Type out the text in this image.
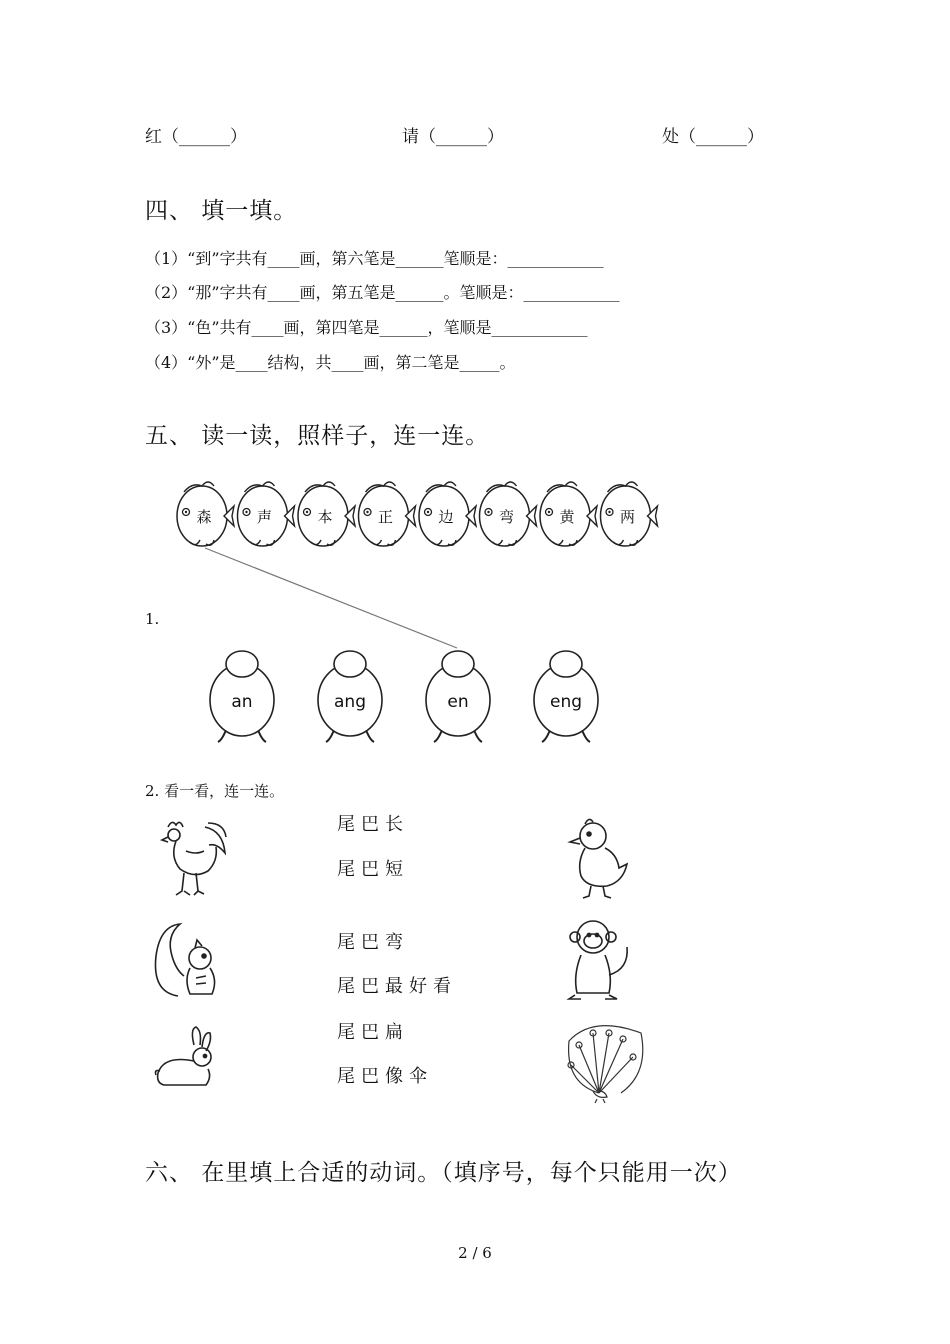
红（______）	请（______）	处（______）
四、 填一填。
（1）“到”字共有____画，第六笔是______笔顺是：____________
（2）“那”字共有____画，第五笔是______。笔顺是：____________
（3）“色”共有____画，第四笔是______，笔顺是____________
（4）“外”是____结构，共____画，第二笔是_____。
五、 读一读，照样子，连一连。
森	声	本	正	边	弯	黄	两
an	ang	en	eng
1.
2. 看一看，连一连。
尾巴长
尾巴短
尾巴弯
尾巴最好看
尾巴扁
尾巴像伞
六、 在里填上合适的动词。（填序号，每个只能用一次）
2 / 6
